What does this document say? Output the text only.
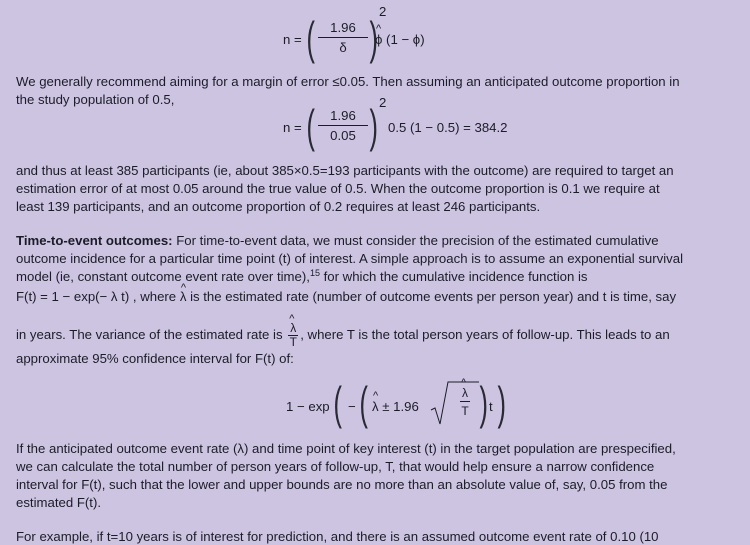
n = ( $\frac{1.96}{\delta}$ )
2
^ ϕ (1 − ϕ)
We generally recommend aiming for a margin of error ≤0.05. Then assuming an anticipated outcome proportion in
the study population of 0.5,
n = ( $\frac{1.96}{0.05}$ ) 2
0.5 (1 − 0.5) = 384.2
and thus at least 385 participants (ie, about 385×0.5=193 participants with the outcome) are required to target an
estimation error of at most 0.05 around the true value of 0.5. When the outcome proportion is 0.1 we require at
least 139 participants, and an outcome proportion of 0.2 requires at least 246 participants.
Time-to-event outcomes: For time-to-event data, we must consider the precision of the estimated cumulative
outcome incidence for a particular time point (t) of interest. A simple approach is to assume an exponential survival
model (ie, constant outcome event rate over time),$^{15}$ for which the cumulative incidence function is
F(t) = 1 − exp(− λ t) , where ^ λ is the estimated rate (number of outcome events per person year) and t is time, say
in years. The variance of the estimated rate is ^ $\frac{\lambda}{T}$ , where T is the total person years of follow-up. This leads to an
approximate 95% confidence interval for F(t) of:
1 − exp ( − ( ^ λ ± 1.96	^ $\frac{\lambda}{T}$ ) t )
If the anticipated outcome event rate (λ) and time point of key interest (t) in the target population are prespecified,
we can calculate the total number of person years of follow-up, T, that would help ensure a narrow confidence
interval for F(t), such that the lower and upper bounds are no more than an absolute value of, say, 0.05 from the
estimated F(t).
For example, if t=10 years is of interest for prediction, and there is an assumed outcome event rate of 0.10 (10
